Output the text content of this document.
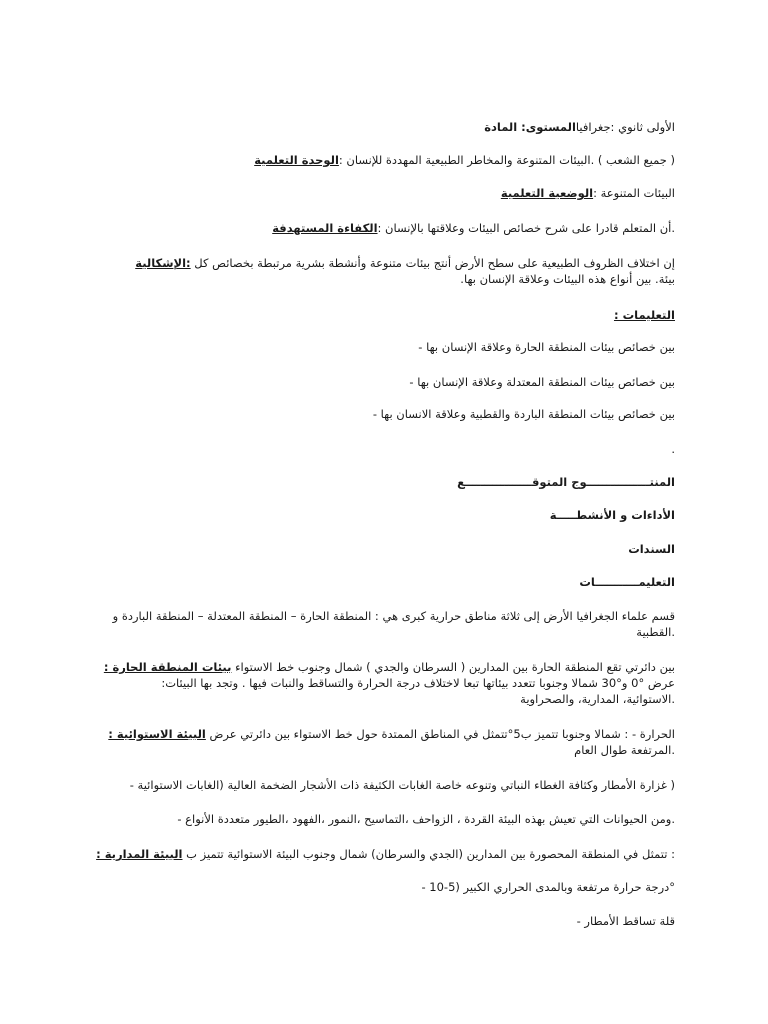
الأولى ثانوي :جغرافياالمستوى: المادة
( جميع الشعب ) .البيئات المتنوعة والمخاطر الطبيعية المهددة للإنسان :الوحدة التعلمية
البيئات المتنوعة :الوضعية التعلمية
.أن المتعلم قادرا على شرح خصائص البيئات وعلاقتها بالإنسان :الكفاءة المستهدفة
إن اختلاف الظروف الطبيعية على سطح الأرض أنتج بيئات متنوعة وأنشطة بشرية مرتبطة بخصائص كل :الإشكالية
بيئة. بين أنواع هذه البيئات وعلاقة الإنسان بها.
التعليمات :
بين خصائص بيئات المنطقة الحارة وعلاقة الإنسان بها -
بين خصائص بيئات المنطقة المعتدلة وعلاقة الإنسان بها -
بين خصائص بيئات المنطقة الباردة والقطبية وعلاقة الانسان بها -
.
المنتــــــــــــــــوج المتوقـــــــــــــــــع
الأداءات و الأنشطـــــة
السندات
التعليمـــــــــــات
قسم علماء الجغرافيا الأرض إلى ثلاثة مناطق حرارية كبرى هي : المنطقة الحارة – المنطقة المعتدلة – المنطقة الباردة و
.القطبية
بين دائرتي تقع المنطقة الحارة بين المدارين ( السرطان والجدي ) شمال وجنوب خط الاستواء بيئات المنطقة الحارة :
عرض °0 و°30 شمالا وجنوبا تتعدد بيئاتها تبعا لاختلاف درجة الحرارة والتساقط والنبات فيها . وتجد بها البيئات:
.الاستوائية، المدارية، والصحراوية
الحرارة - : شمالا وجنوبا تتميز ب5°تتمثل في المناطق الممتدة حول خط الاستواء بين دائرتي عرض البيئة الاستوائية :
.المرتفعة طوال العام
( غزارة الأمطار وكثافة الغطاء النباتي وتنوعه خاصة الغابات الكثيفة ذات الأشجار الضخمة العالية (الغابات الاستوائية -
.ومن الحيوانات التي تعيش بهذه البيئة القردة ، الزواحف ،التماسيح ،النمور ،الفهود ،الطيور متعددة الأنواع -
: تتمثل في المنطقة المحصورة بين المدارين (الجدي والسرطان) شمال وجنوب البيئة الاستوائية تتميز ب البيئة المدارية :
°درجة حرارة مرتفعة وبالمدى الحراري الكبير (5-10 -
قلة تساقط الأمطار -
